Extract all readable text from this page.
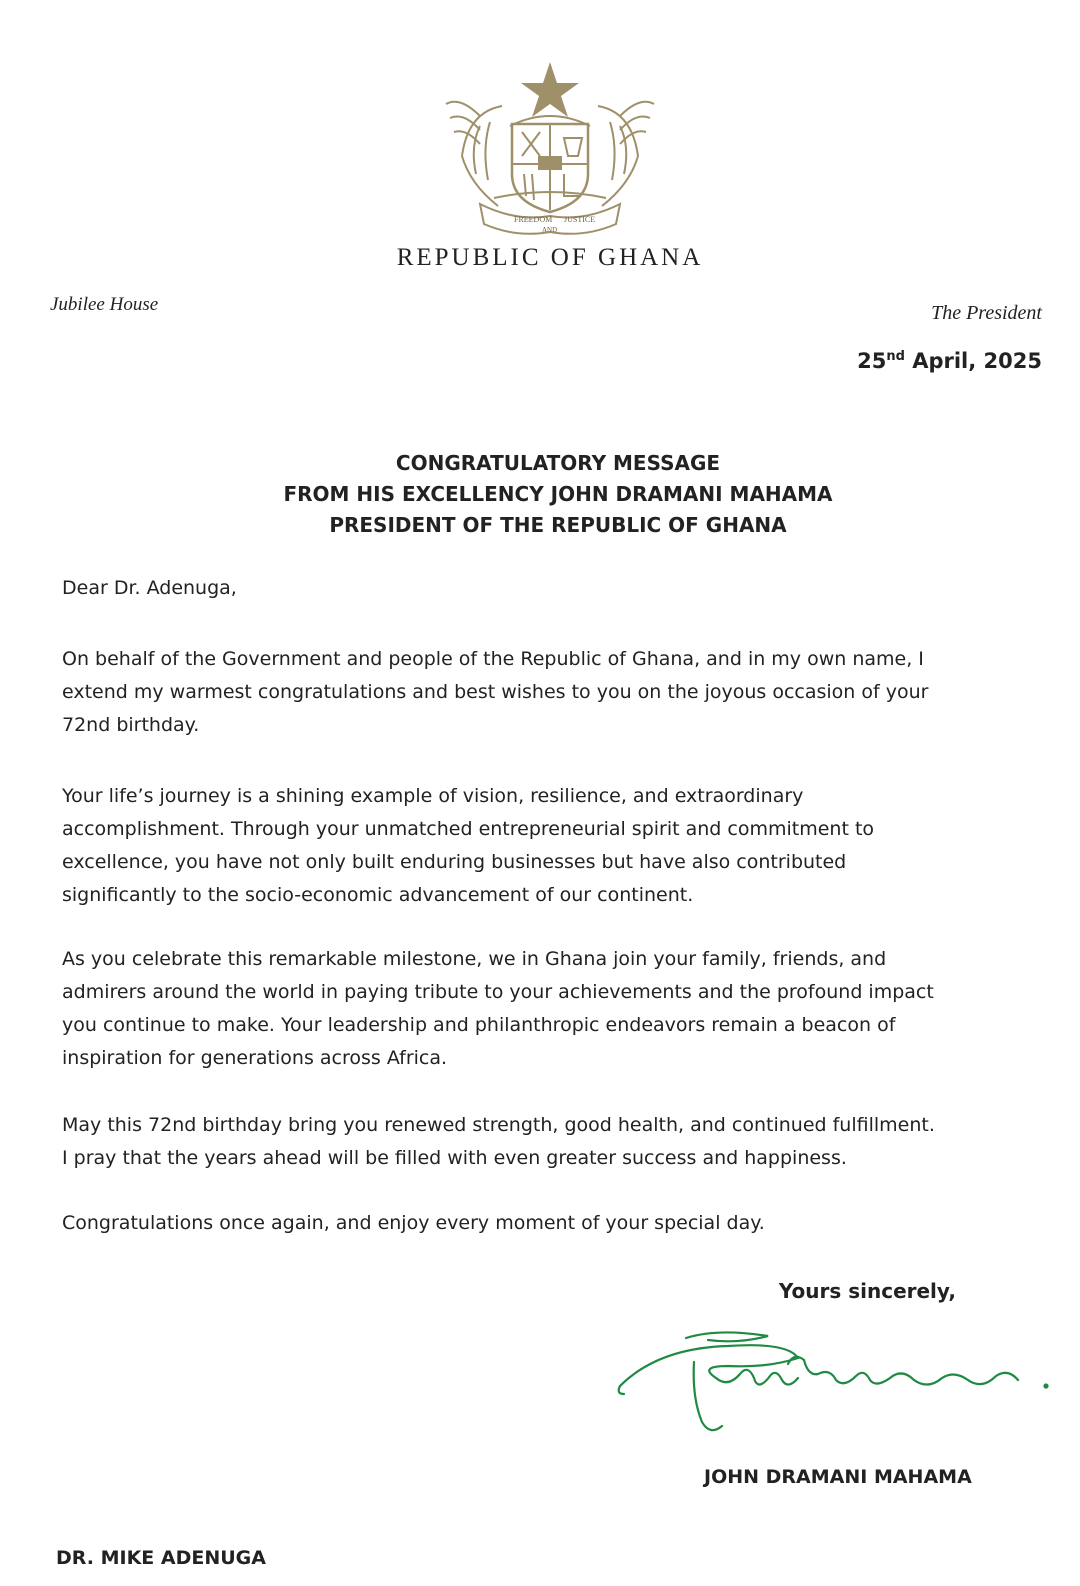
FREEDOM
AND
JUSTICE
REPUBLIC OF GHANA
Jubilee House	The President
25nd April, 2025
CONGRATULATORY MESSAGE
FROM HIS EXCELLENCY JOHN DRAMANI MAHAMA
PRESIDENT OF THE REPUBLIC OF GHANA
Dear Dr. Adenuga,
On behalf of the Government and people of the Republic of Ghana, and in my own name, I
extend my warmest congratulations and best wishes to you on the joyous occasion of your
72nd birthday.
Your life’s journey is a shining example of vision, resilience, and extraordinary
accomplishment. Through your unmatched entrepreneurial spirit and commitment to
excellence, you have not only built enduring businesses but have also contributed
significantly to the socio-economic advancement of our continent.
As you celebrate this remarkable milestone, we in Ghana join your family, friends, and
admirers around the world in paying tribute to your achievements and the profound impact
you continue to make. Your leadership and philanthropic endeavors remain a beacon of
inspiration for generations across Africa.
May this 72nd birthday bring you renewed strength, good health, and continued fulfillment.
I pray that the years ahead will be filled with even greater success and happiness.
Congratulations once again, and enjoy every moment of your special day.
Yours sincerely,
JOHN DRAMANI MAHAMA
DR. MIKE ADENUGA
